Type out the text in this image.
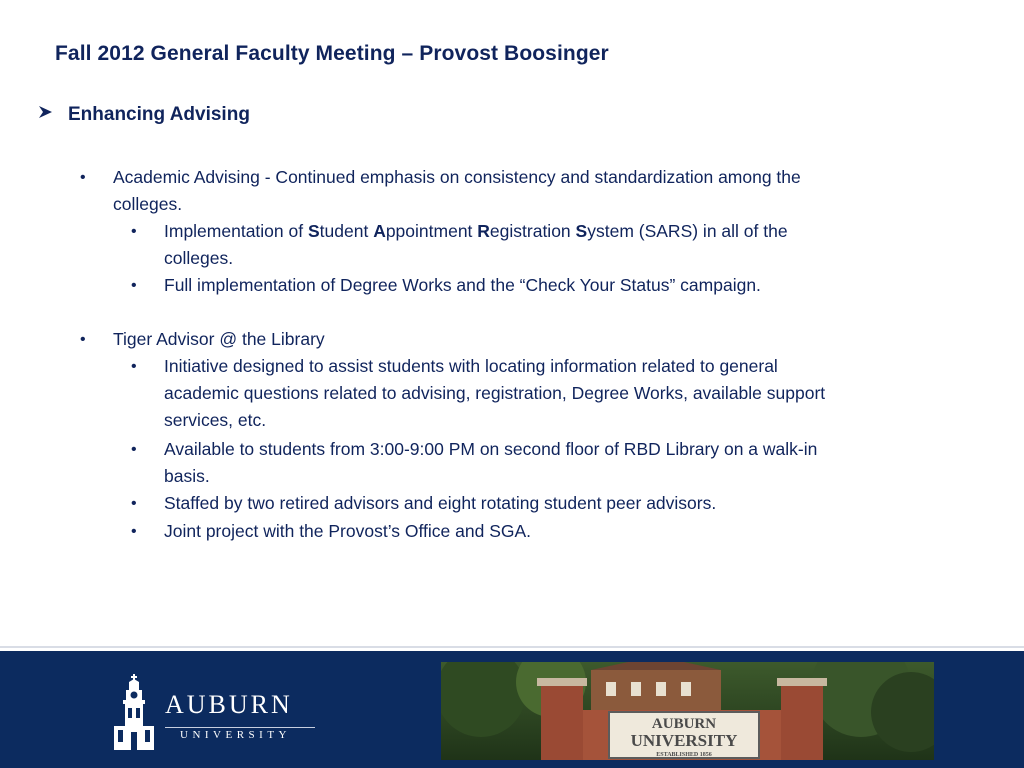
Fall 2012 General Faculty Meeting – Provost Boosinger
Enhancing Advising
• Academic Advising - Continued emphasis on consistency and standardization among the
colleges.
• Implementation of Student Appointment Registration System (SARS) in all of the
colleges.
• Full implementation of Degree Works and the “Check Your Status” campaign.
• Tiger Advisor @ the Library
• Initiative designed to assist students with locating information related to general
academic questions related to advising, registration, Degree Works, available support
services, etc.
• Available to students from 3:00-9:00 PM on second floor of RBD Library on a walk-in
basis.
• Staffed by two retired advisors and eight rotating student peer advisors.
• Joint project with the Provost’s Office and SGA.
AUBURN
UNIVERSITY
AUBURN
UNIVERSITY
ESTABLISHED 1856
